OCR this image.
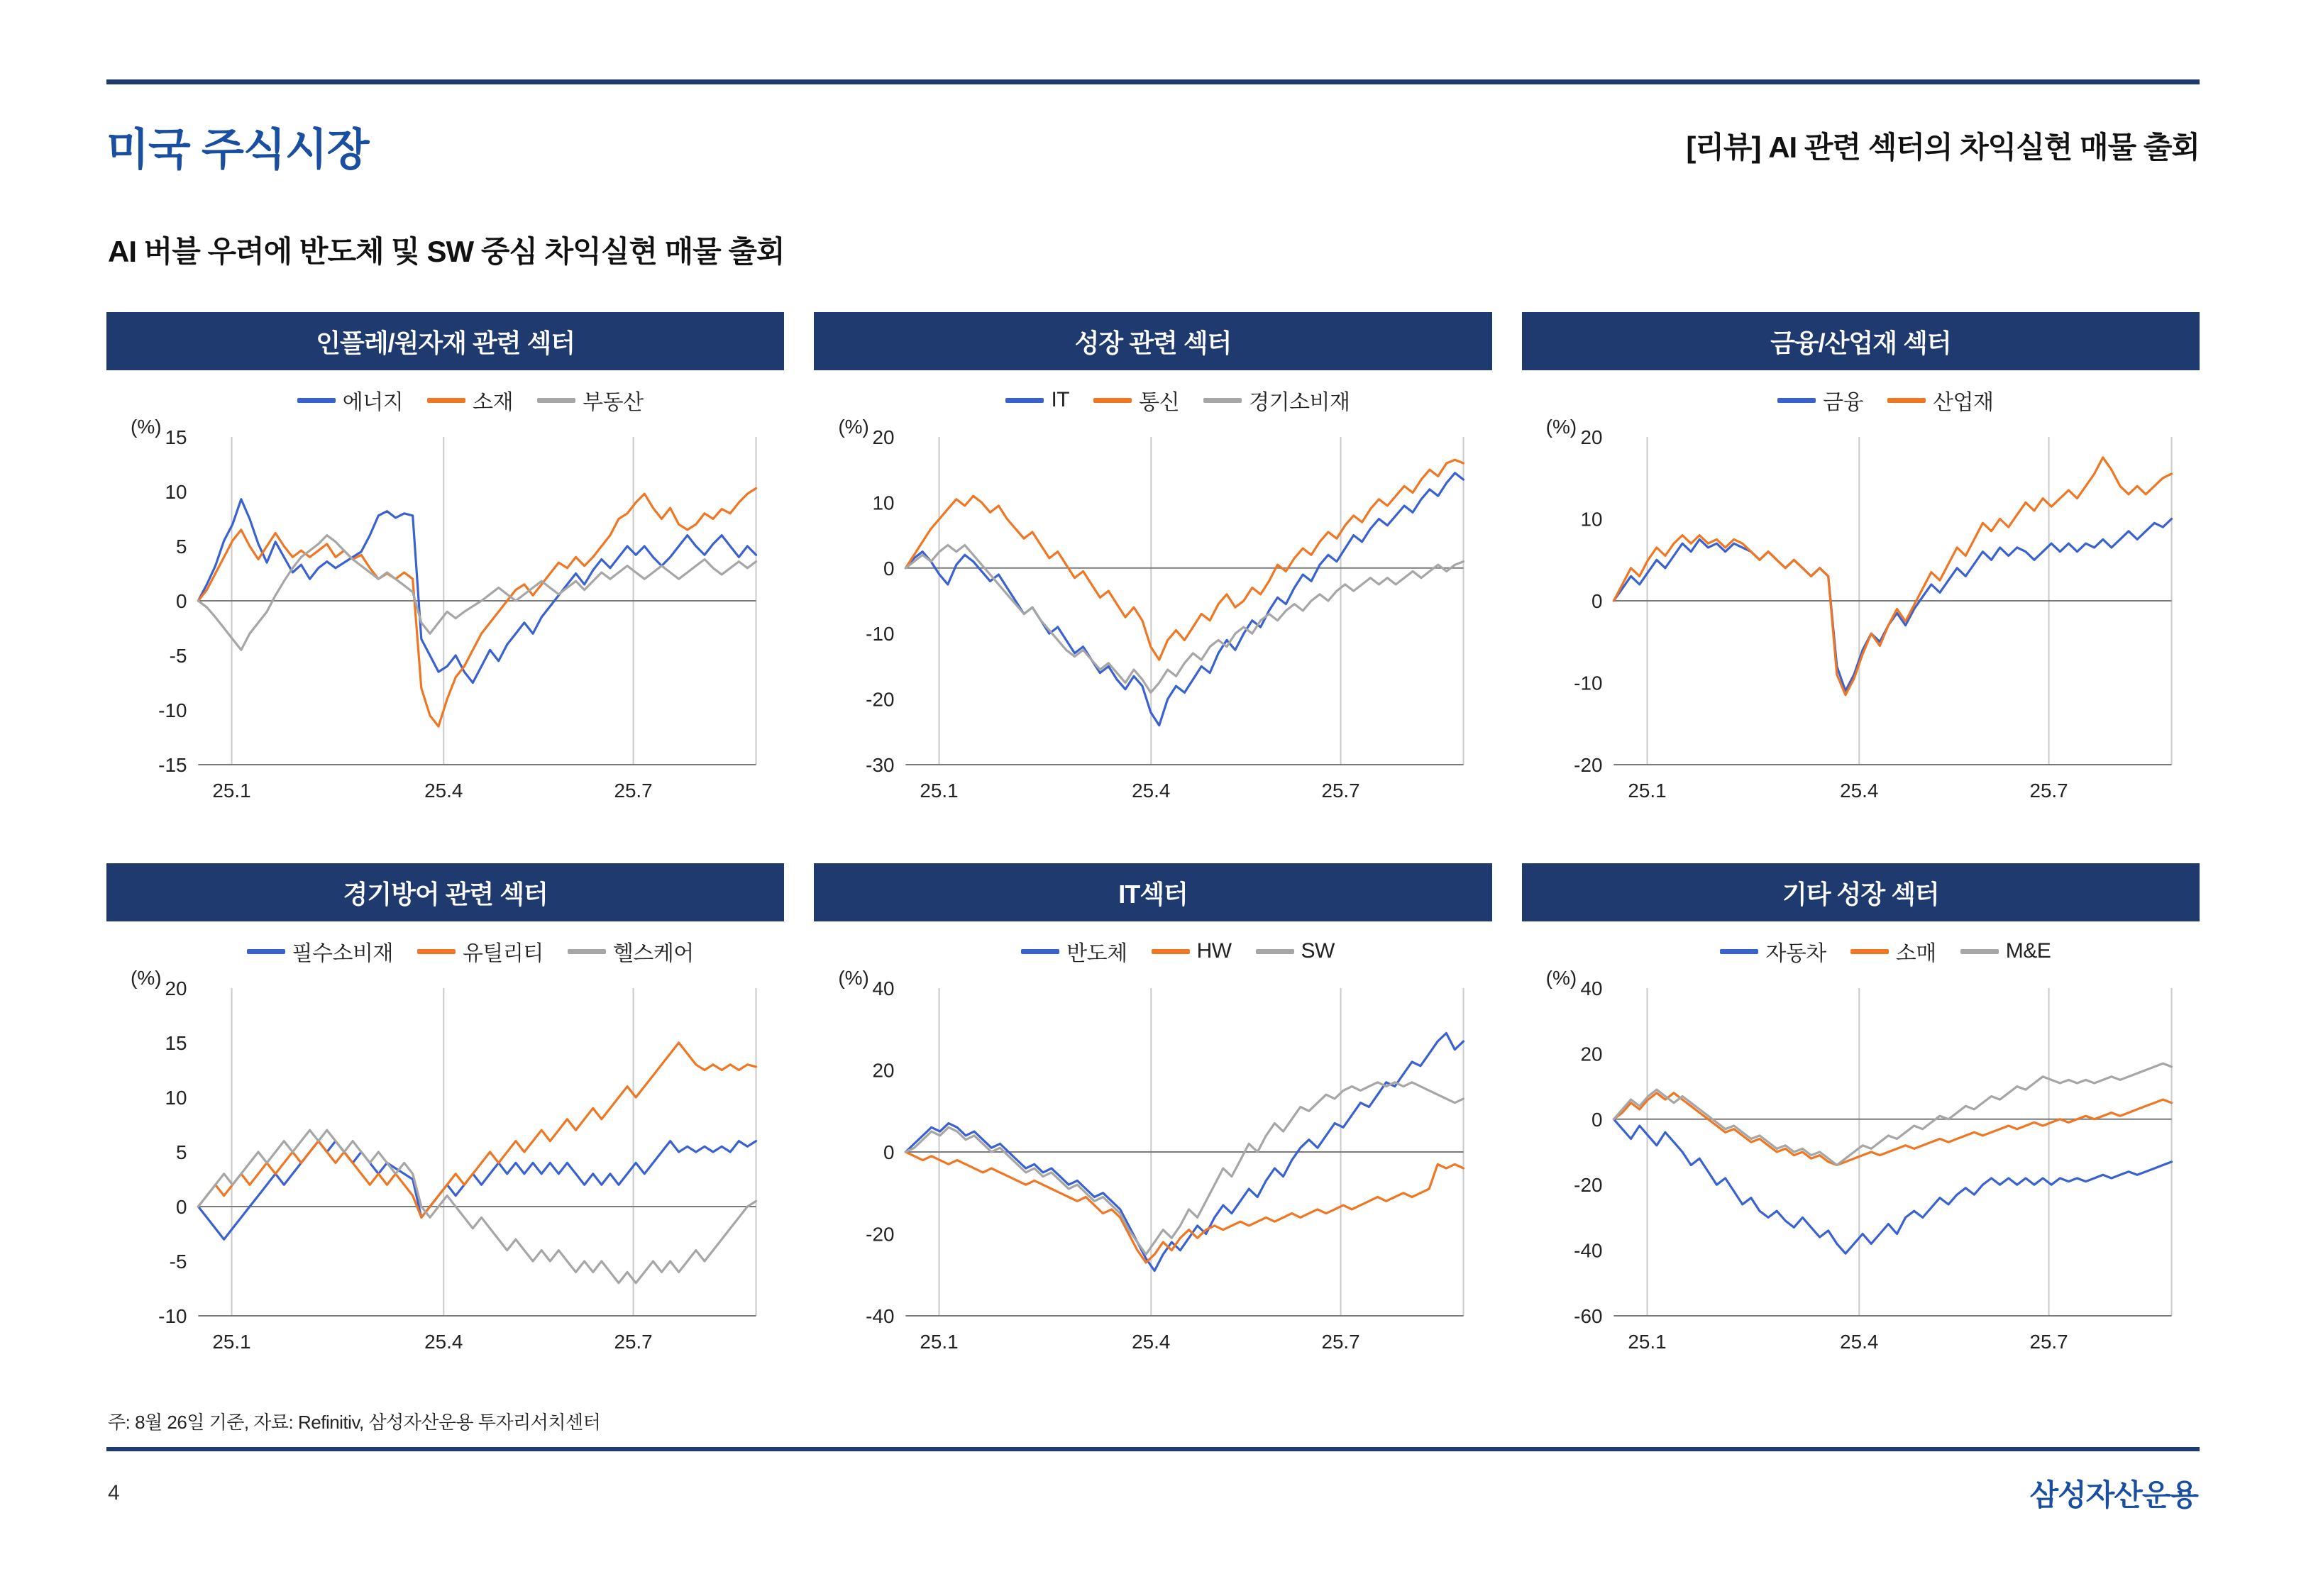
미국 주식시장	[리뷰] AI 관련 섹터의 차익실현 매물 출회
AI 버블 우려에 반도체 및 SW 중심 차익실현 매물 출회
인플레/원자재 관련 섹터
에너지	소재	부동산
(%) 15
10
5
0
-5
-10
-15
25.1	25.4	25.7
성장 관련 섹터
IT	통신	경기소비재
(%) 20
10
0
-10
-20
-30
25.1	25.4	25.7
금융/산업재 섹터
금융	산업재
(%) 20
10
0
-10
-20
25.1	25.4	25.7
경기방어 관련 섹터
필수소비재	유틸리티	헬스케어
(%) 20
15
10
5
0
-5
-10
25.1	25.4	25.7
IT섹터
반도체	HW	SW
(%) 40
20
0
-20
-40
25.1	25.4	25.7
기타 성장 섹터
자동차	소매	M&E
(%) 40
20
0
-20
-40
-60
25.1	25.4	25.7
주: 8월 26일 기준, 자료: Refinitiv, 삼성자산운용 투자리서치센터
4	삼성자산운용
